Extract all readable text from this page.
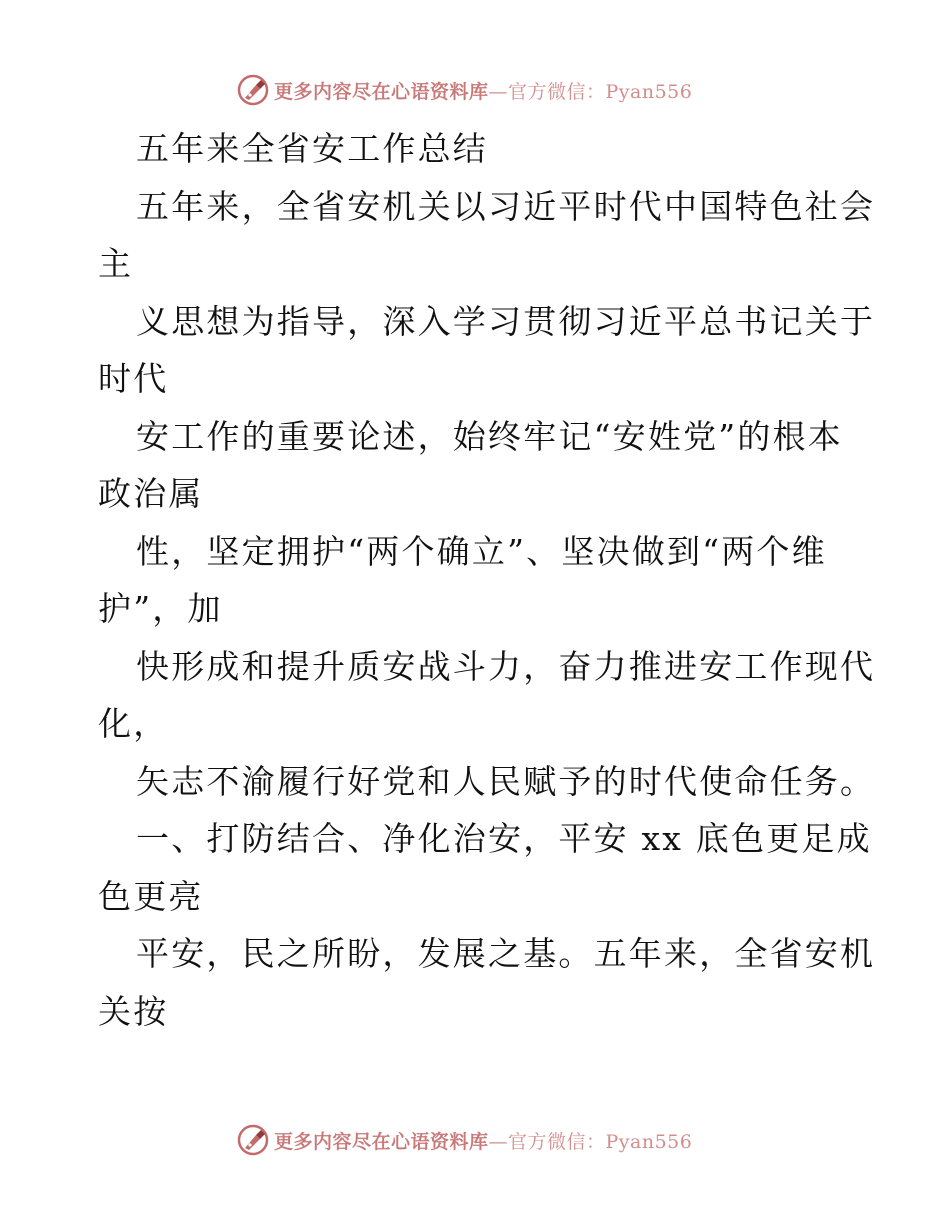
更多内容尽在心语资料库—官方微信：Pyan556
五年来全省安工作总结
五年来，全省安机关以习近平时代中国特色社会
主
义思想为指导，深入学习贯彻习近平总书记关于
时代
安工作的重要论述，始终牢记“安姓党”的根本
政治属
性，坚定拥护“两个确立”、坚决做到“两个维
护”，加
快形成和提升质安战斗力，奋力推进安工作现代
化，
矢志不渝履行好党和人民赋予的时代使命任务。
一、打防结合、净化治安，平安 xx 底色更足成
色更亮
平安，民之所盼，发展之基。五年来，全省安机
关按
更多内容尽在心语资料库—官方微信：Pyan556
